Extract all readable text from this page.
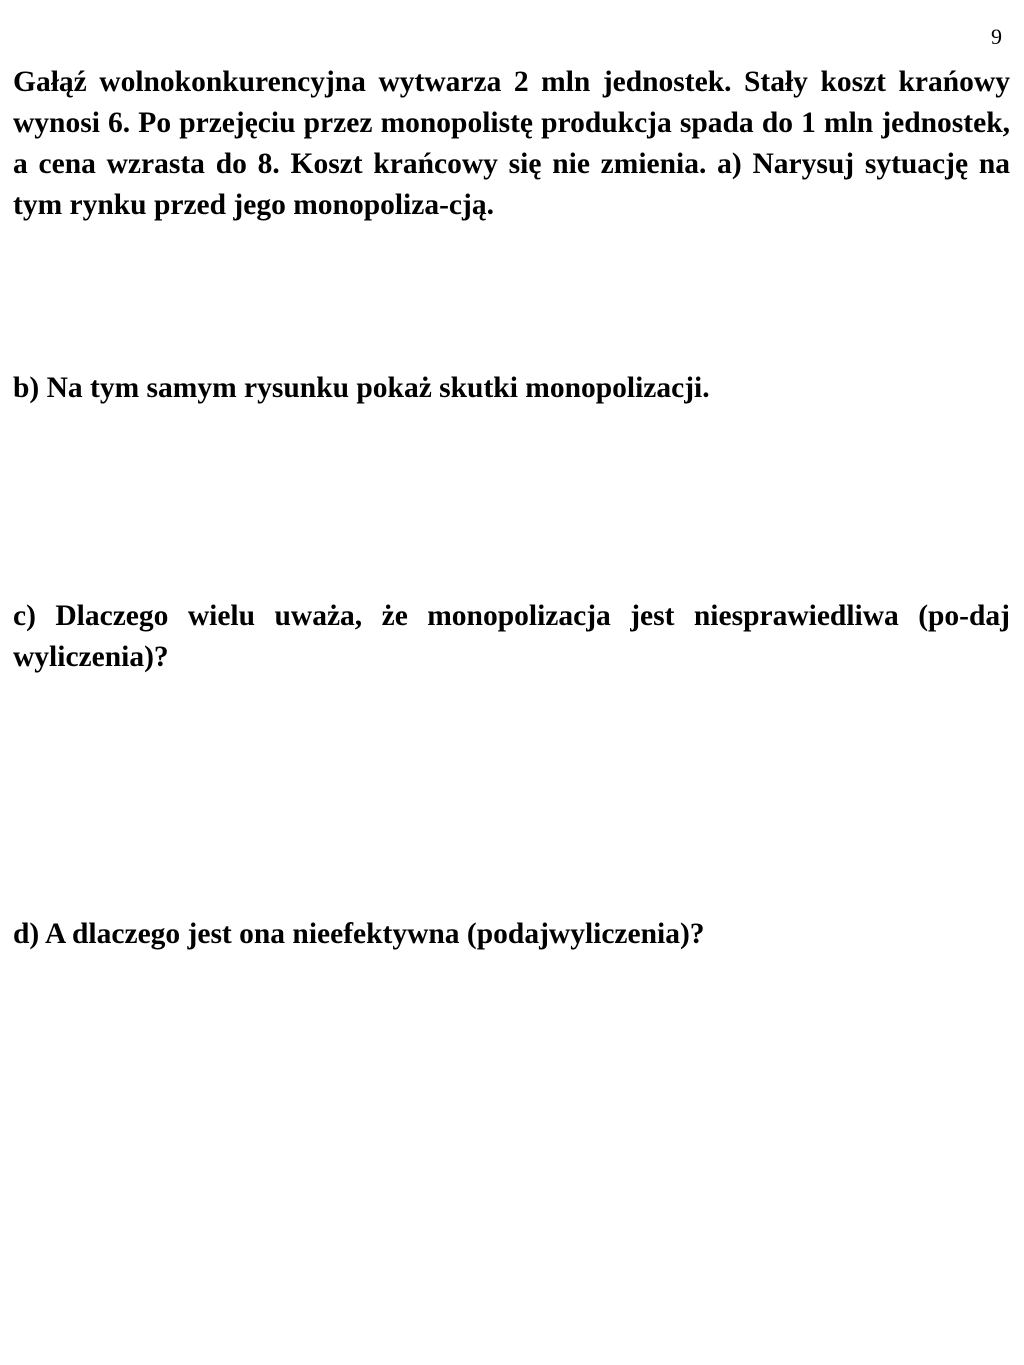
9

Gałąź wolnokonkurencyjna wytwarza 2 mln jednostek. Stały koszt krańowy wynosi 6. Po przejęciu przez monopolistę produkcja spada do 1 mln jednostek, a cena wzrasta do 8. Koszt krańcowy się nie zmienia. a) Narysuj sytuację na tym rynku przed jego monopoliza-cją.

b) Na tym samym rysunku pokaż skutki monopolizacji.

c) Dlaczego wielu uważa, że monopolizacja jest niesprawiedliwa (po-daj wyliczenia)?

d) A dlaczego jest ona nieefektywna (podajwyliczenia)?
